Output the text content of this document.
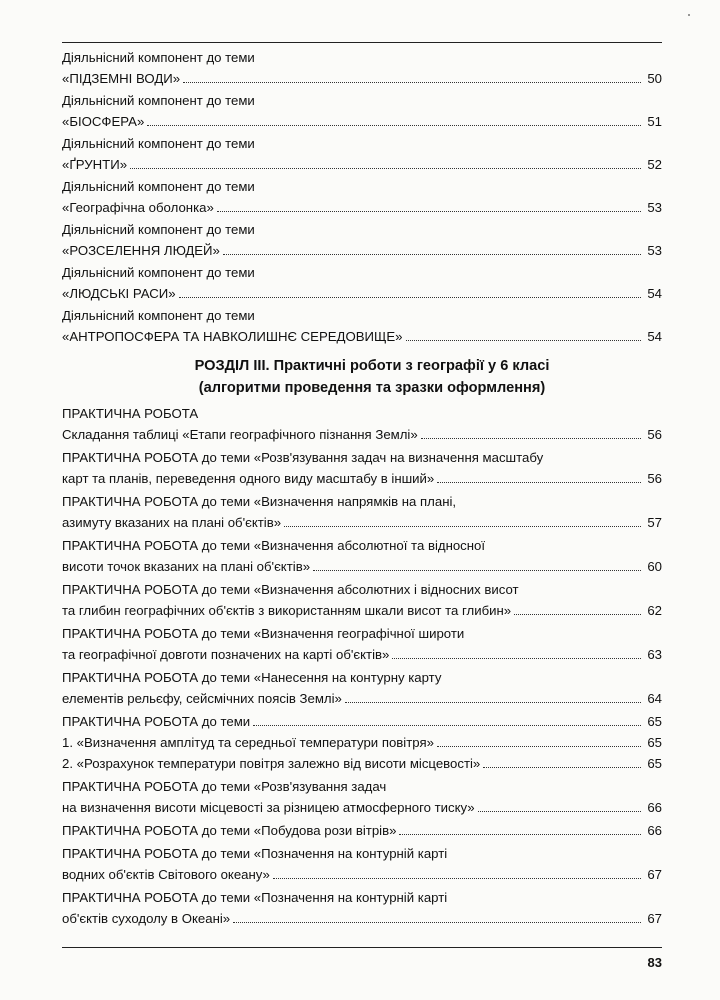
Діяльнісний компонент до теми
«ПІДЗЕМНІ ВОДИ»	50
Діяльнісний компонент до теми
«БІОСФЕРА»	51
Діяльнісний компонент до теми
«ҐРУНТИ»	52
Діяльнісний компонент до теми
«Географічна оболонка»	53
Діяльнісний компонент до теми
«РОЗСЕЛЕННЯ ЛЮДЕЙ»	53
Діяльнісний компонент до теми
«ЛЮДСЬКІ РАСИ»	54
Діяльнісний компонент до теми
«АНТРОПОСФЕРА ТА НАВКОЛИШНЄ СЕРЕДОВИЩЕ»	54
РОЗДІЛ III. Практичні роботи з географії у 6 класі
(алгоритми проведення та зразки оформлення)
ПРАКТИЧНА РОБОТА
Складання таблиці «Етапи географічного пізнання Землі»	56
ПРАКТИЧНА РОБОТА до теми «Розв'язування задач на визначення масштабу
карт та планів, переведення одного виду масштабу в інший»	56
ПРАКТИЧНА РОБОТА до теми «Визначення напрямків на плані,
азимуту вказаних на плані об'єктів»	57
ПРАКТИЧНА РОБОТА до теми «Визначення абсолютної та відносної
висоти точок вказаних на плані об'єктів»	60
ПРАКТИЧНА РОБОТА до теми «Визначення абсолютних і відносних висот
та глибин географічних об'єктів з використанням шкали висот та глибин»	62
ПРАКТИЧНА РОБОТА до теми «Визначення географічної широти
та географічної довготи позначених на карті об'єктів»	63
ПРАКТИЧНА РОБОТА до теми «Нанесення на контурну карту
елементів рельєфу, сейсмічних поясів Землі»	64
ПРАКТИЧНА РОБОТА до теми	65
1. «Визначення амплітуд та середньої температури повітря»	65
2. «Розрахунок температури повітря залежно від висоти місцевості»	65
ПРАКТИЧНА РОБОТА до теми «Розв'язування задач
на визначення висоти місцевості за різницею атмосферного тиску»	66
ПРАКТИЧНА РОБОТА до теми «Побудова рози вітрів»	66
ПРАКТИЧНА РОБОТА до теми «Позначення на контурній карті
водних об'єктів Світового океану»	67
ПРАКТИЧНА РОБОТА до теми «Позначення на контурній карті
об'єктів суходолу в Океані»	67
83
